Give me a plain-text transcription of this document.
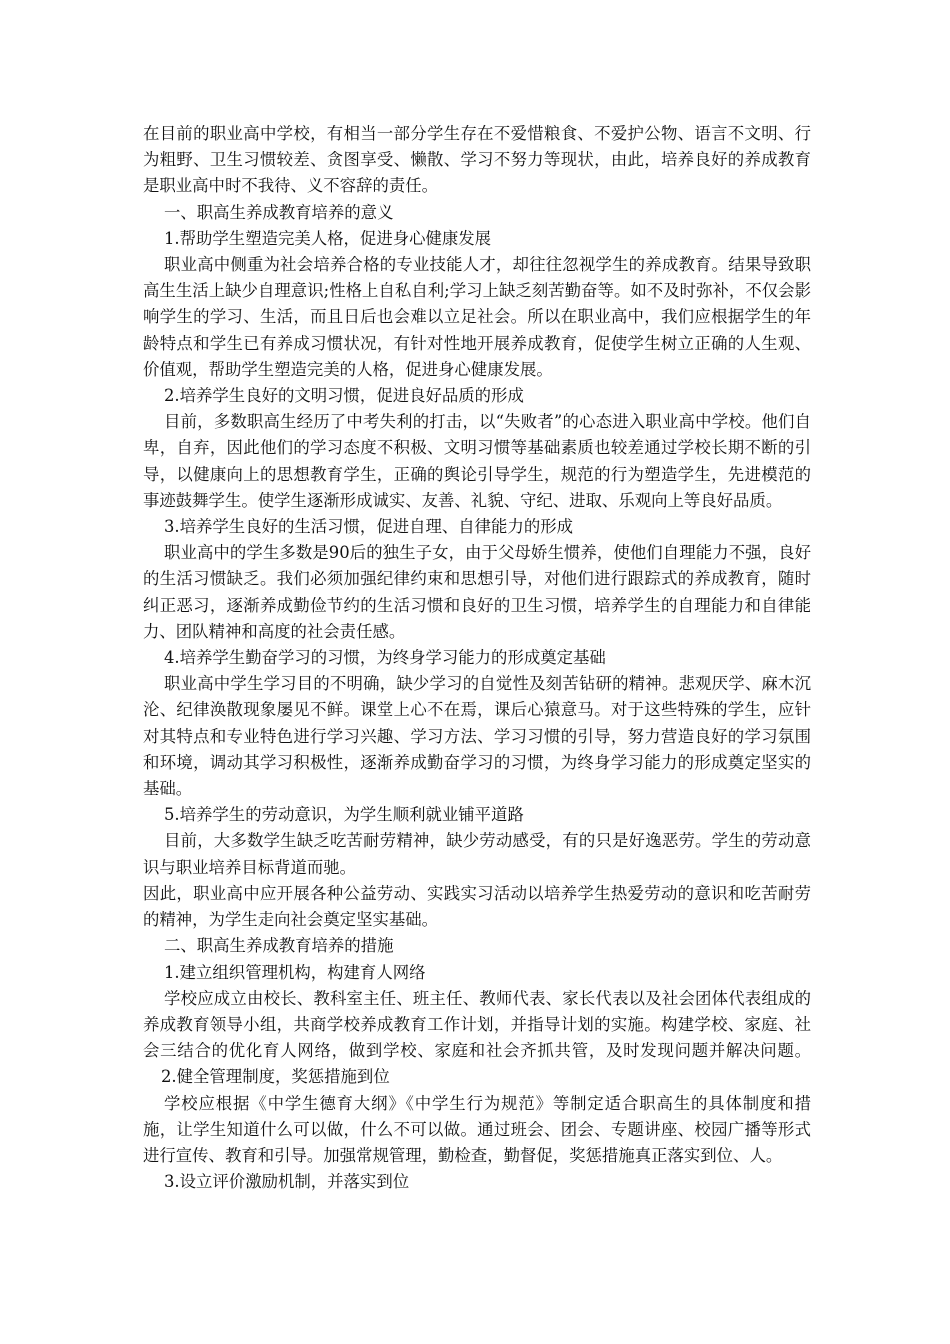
在目前的职业高中学校，有相当一部分学生存在不爱惜粮食、不爱护公物、语言不文明、行为粗野、卫生习惯较差、贪图享受、懒散、学习不努力等现状，由此，培养良好的养成教育是职业高中时不我待、义不容辞的责任。

一、职高生养成教育培养的意义

1.帮助学生塑造完美人格，促进身心健康发展

职业高中侧重为社会培养合格的专业技能人才，却往往忽视学生的养成教育。结果导致职高生生活上缺少自理意识;性格上自私自利;学习上缺乏刻苦勤奋等。如不及时弥补，不仅会影响学生的学习、生活，而且日后也会难以立足社会。所以在职业高中，我们应根据学生的年龄特点和学生已有养成习惯状况，有针对性地开展养成教育，促使学生树立正确的人生观、价值观，帮助学生塑造完美的人格，促进身心健康发展。

2.培养学生良好的文明习惯，促进良好品质的形成

目前，多数职高生经历了中考失利的打击，以“失败者”的心态进入职业高中学校。他们自卑，自弃，因此他们的学习态度不积极、文明习惯等基础素质也较差通过学校长期不断的引导，以健康向上的思想教育学生，正确的舆论引导学生，规范的行为塑造学生，先进模范的事迹鼓舞学生。使学生逐渐形成诚实、友善、礼貌、守纪、进取、乐观向上等良好品质。

3.培养学生良好的生活习惯，促进自理、自律能力的形成

职业高中的学生多数是90后的独生子女，由于父母娇生惯养，使他们自理能力不强，良好的生活习惯缺乏。我们必须加强纪律约束和思想引导，对他们进行跟踪式的养成教育，随时纠正恶习，逐渐养成勤俭节约的生活习惯和良好的卫生习惯，培养学生的自理能力和自律能力、团队精神和高度的社会责任感。

4.培养学生勤奋学习的习惯，为终身学习能力的形成奠定基础

职业高中学生学习目的不明确，缺少学习的自觉性及刻苦钻研的精神。悲观厌学、麻木沉沦、纪律涣散现象屡见不鲜。课堂上心不在焉，课后心猿意马。对于这些特殊的学生，应针对其特点和专业特色进行学习兴趣、学习方法、学习习惯的引导，努力营造良好的学习氛围和环境，调动其学习积极性，逐渐养成勤奋学习的习惯，为终身学习能力的形成奠定坚实的基础。

5.培养学生的劳动意识，为学生顺利就业铺平道路

目前，大多数学生缺乏吃苦耐劳精神，缺少劳动感受，有的只是好逸恶劳。学生的劳动意识与职业培养目标背道而驰。

因此，职业高中应开展各种公益劳动、实践实习活动以培养学生热爱劳动的意识和吃苦耐劳的精神，为学生走向社会奠定坚实基础。

二、职高生养成教育培养的措施

1.建立组织管理机构，构建育人网络

学校应成立由校长、教科室主任、班主任、教师代表、家长代表以及社会团体代表组成的养成教育领导小组，共商学校养成教育工作计划，并指导计划的实施。构建学校、家庭、社会三结合的优化育人网络，做到学校、家庭和社会齐抓共管，及时发现问题并解决问题。2.健全管理制度，奖惩措施到位

学校应根据《中学生德育大纲》《中学生行为规范》等制定适合职高生的具体制度和措施，让学生知道什么可以做，什么不可以做。通过班会、团会、专题讲座、校园广播等形式进行宣传、教育和引导。加强常规管理，勤检查，勤督促，奖惩措施真正落实到位、人。

3.设立评价激励机制，并落实到位
